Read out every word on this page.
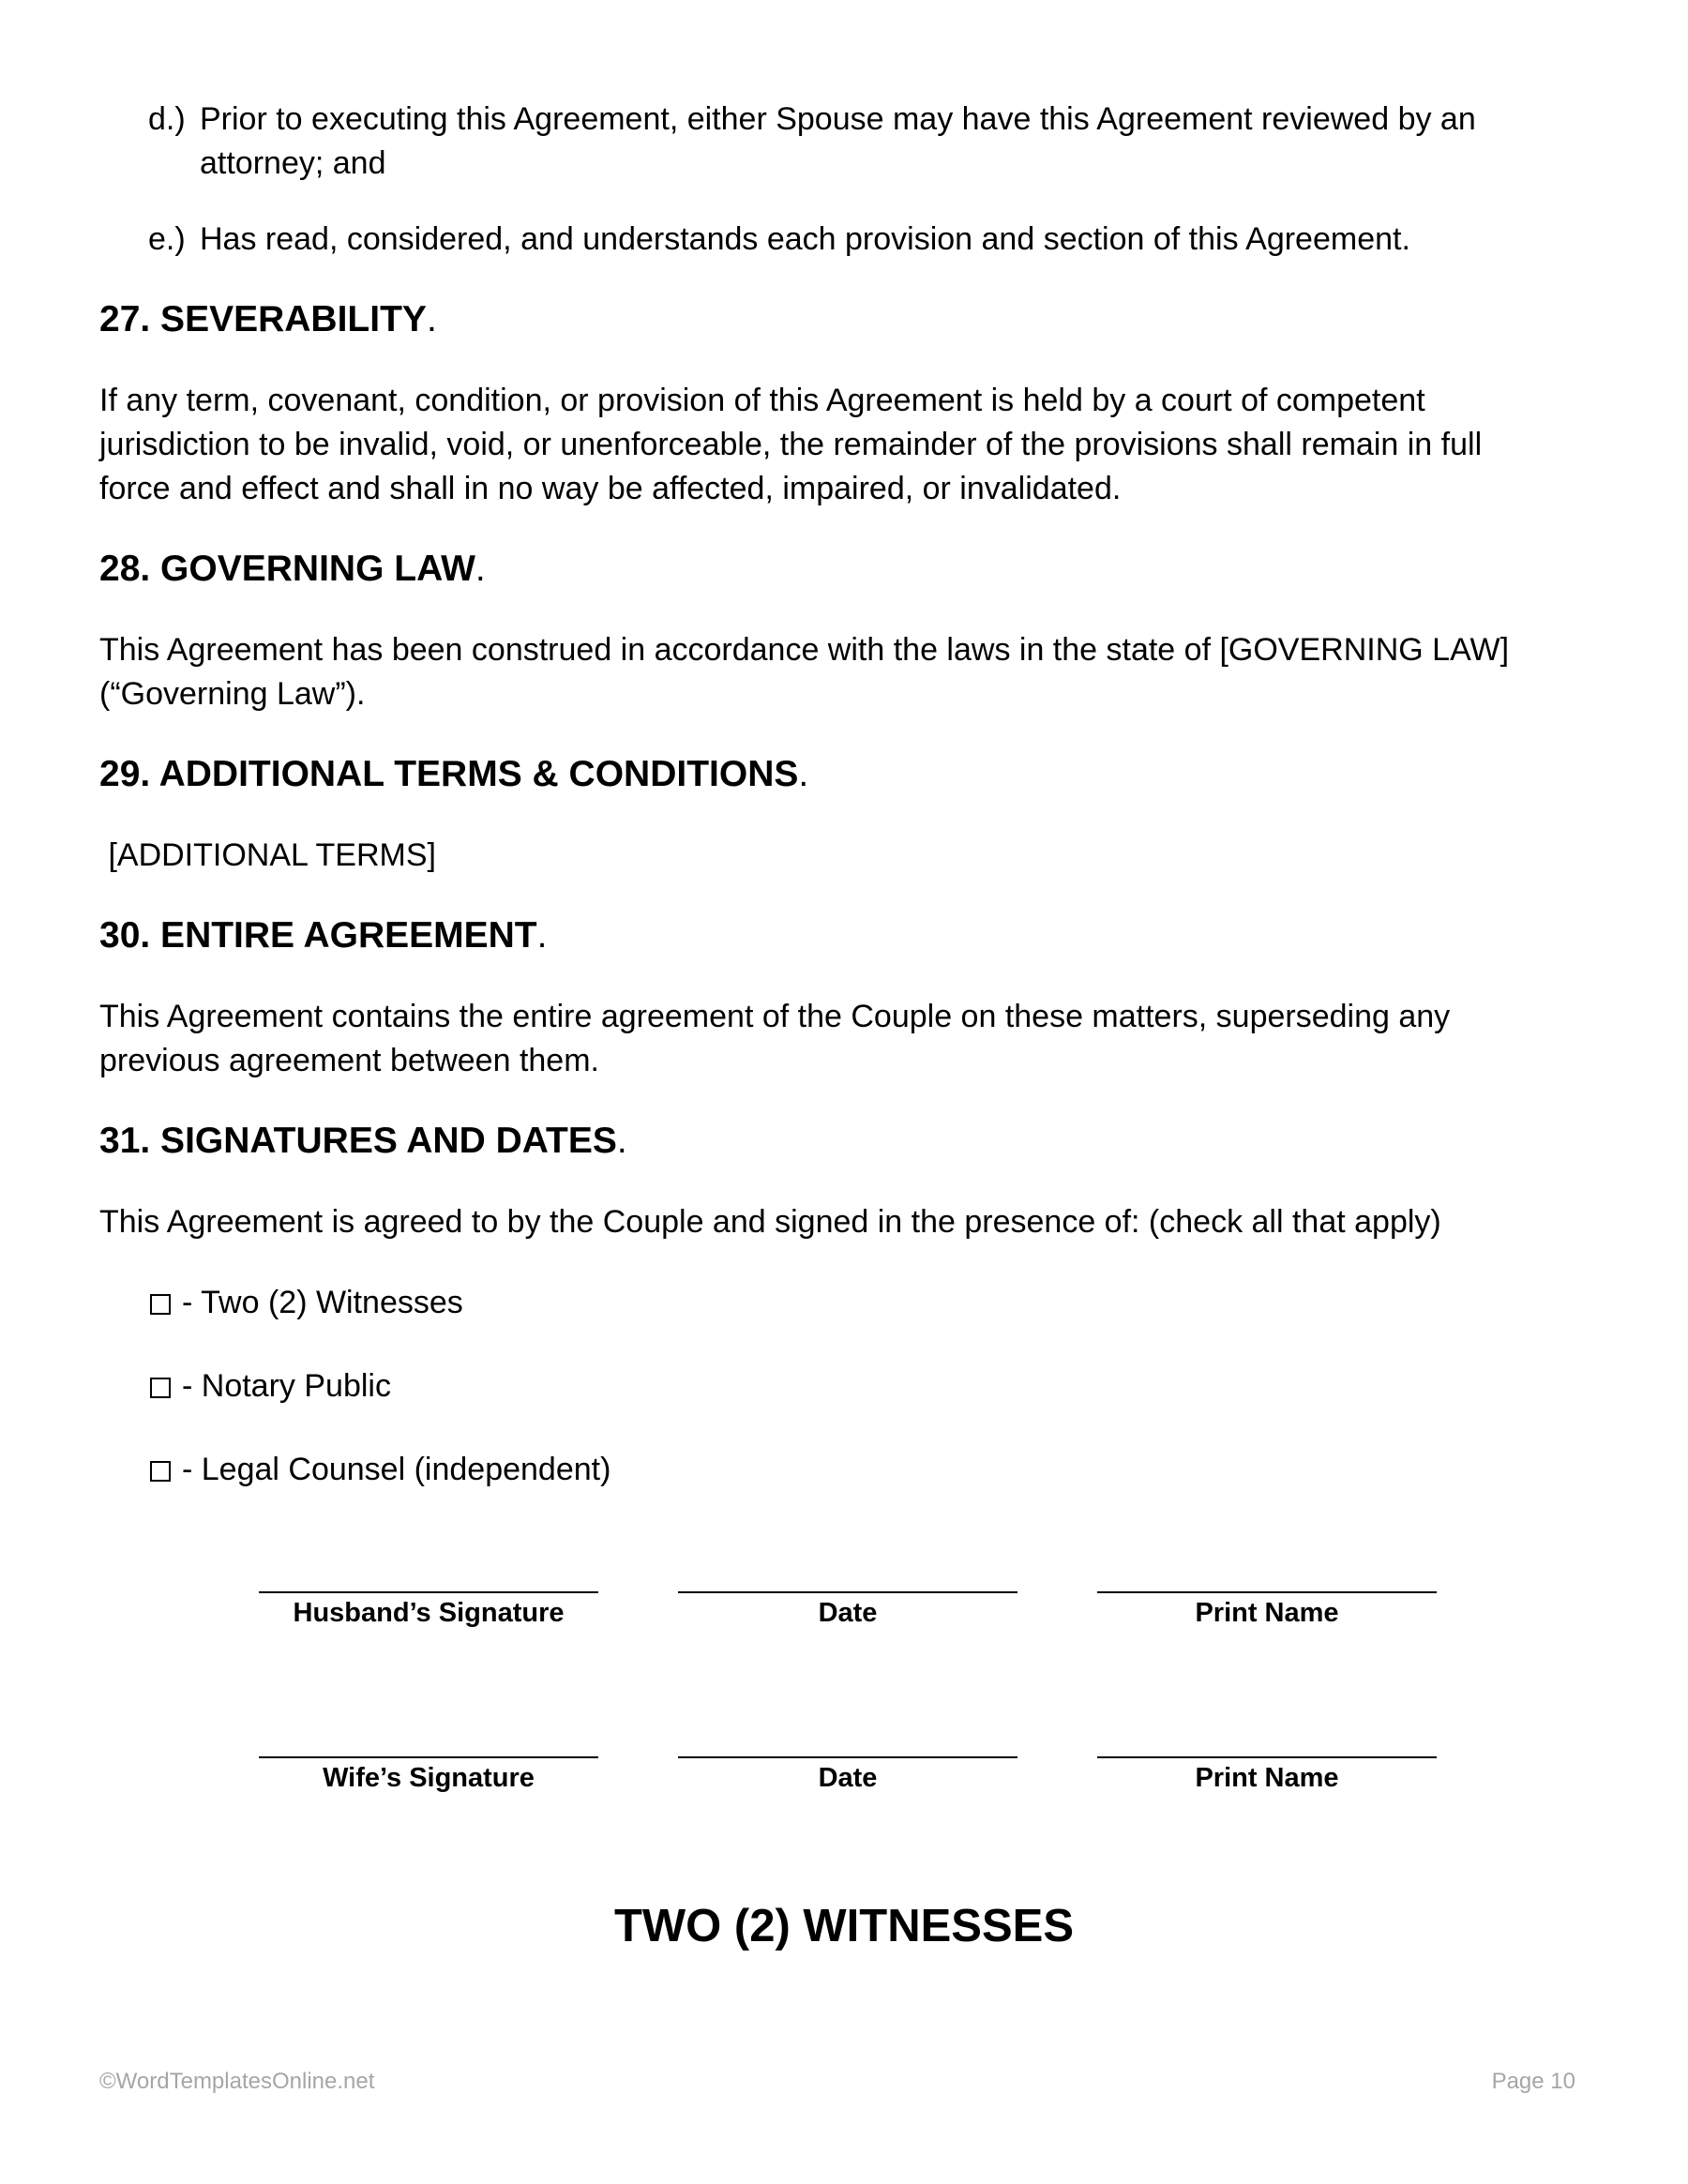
d.) Prior to executing this Agreement, either Spouse may have this Agreement reviewed by an
attorney; and
e.) Has read, considered, and understands each provision and section of this Agreement.
27. SEVERABILITY.
If any term, covenant, condition, or provision of this Agreement is held by a court of competent
jurisdiction to be invalid, void, or unenforceable, the remainder of the provisions shall remain in full
force and effect and shall in no way be affected, impaired, or invalidated.
28. GOVERNING LAW.
This Agreement has been construed in accordance with the laws in the state of [GOVERNING LAW]
(“Governing Law”).
29. ADDITIONAL TERMS & CONDITIONS.
[ADDITIONAL TERMS]
30. ENTIRE AGREEMENT.
This Agreement contains the entire agreement of the Couple on these matters, superseding any
previous agreement between them.
31. SIGNATURES AND DATES.
This Agreement is agreed to by the Couple and signed in the presence of: (check all that apply)
- Two (2) Witnesses
- Notary Public
- Legal Counsel (independent)
Husband’s Signature	Date	Print Name
Wife’s Signature	Date	Print Name
TWO (2) WITNESSES
©WordTemplatesOnline.net	Page 10
